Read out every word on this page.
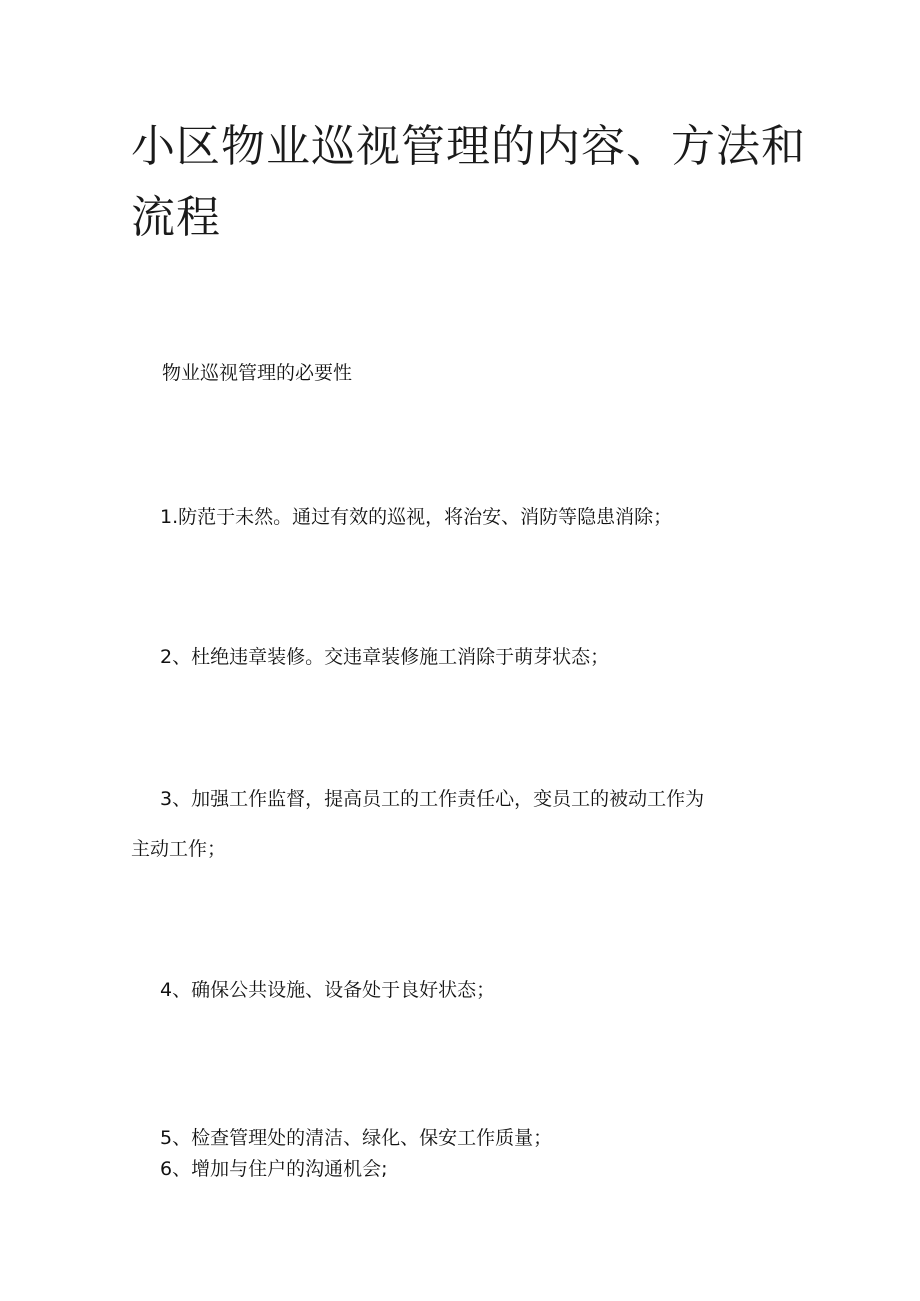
小区物业巡视管理的内容、方法和
流程
物业巡视管理的必要性
1.防范于未然。通过有效的巡视，将治安、消防等隐患消除；
2、杜绝违章装修。交违章装修施工消除于萌芽状态；
3、加强工作监督，提高员工的工作责任心，变员工的被动工作为
主动工作；
4、确保公共设施、设备处于良好状态；
5、检查管理处的清洁、绿化、保安工作质量；
6、增加与住户的沟通机会;
